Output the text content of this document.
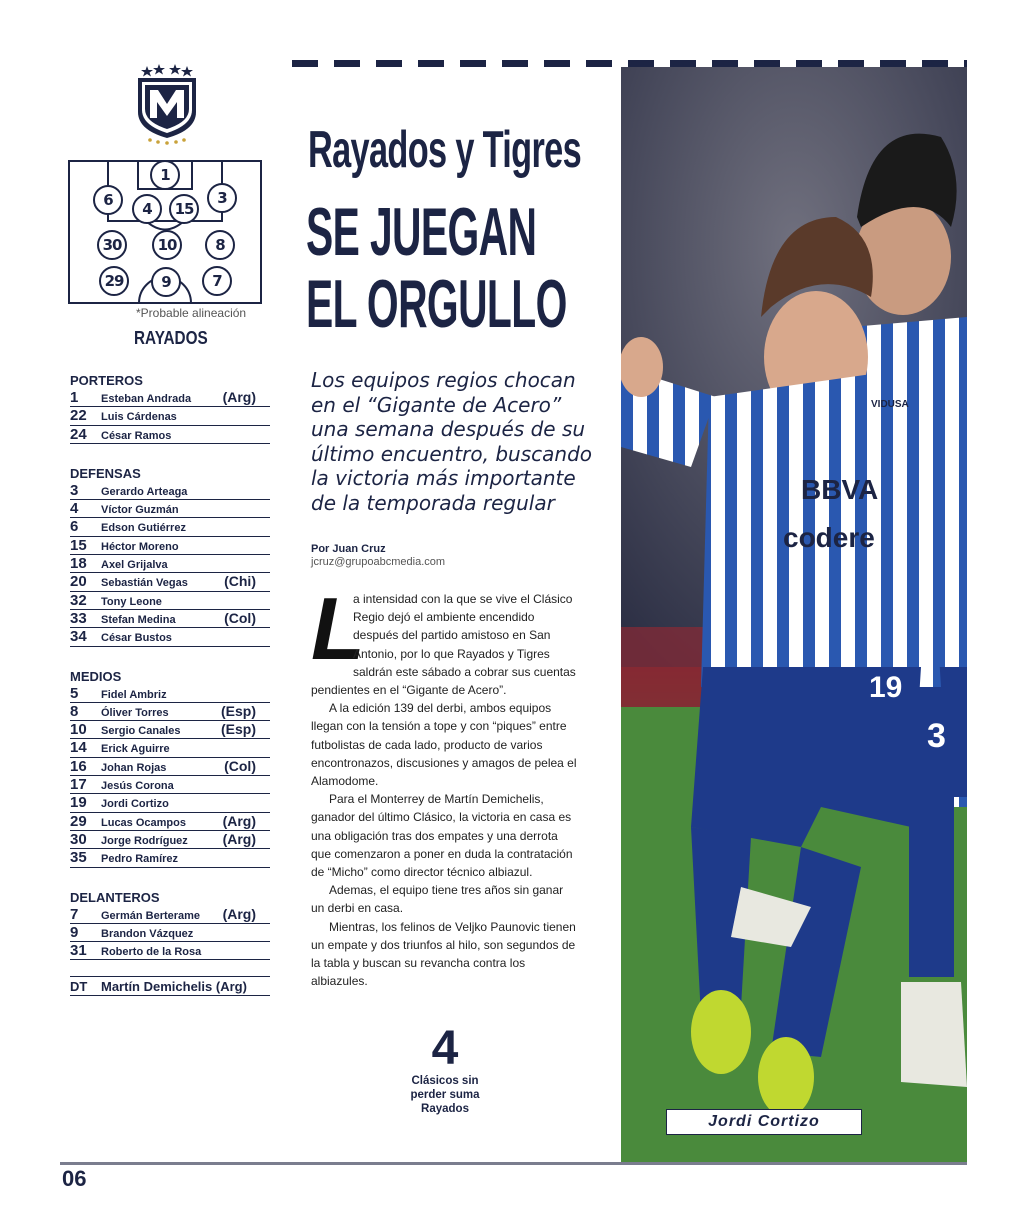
1
6	4	15
3
30	10	8
29	9	7
*Probable alineación
RAYADOS
PORTEROS
1	Esteban Andrada	(Arg)
22	Luis Cárdenas
24	César Ramos
DEFENSAS
3	Gerardo Arteaga
4	Víctor Guzmán
6	Edson Gutiérrez
15	Héctor Moreno
18	Axel Grijalva
20	Sebastián Vegas	(Chi)
32	Tony Leone
33	Stefan Medina	(Col)
34	César Bustos
MEDIOS
5	Fidel Ambriz
8	Óliver Torres	(Esp)
10	Sergio Canales	(Esp)
14	Erick Aguirre
16	Johan Rojas	(Col)
17	Jesús Corona
19	Jordi Cortizo
29	Lucas Ocampos	(Arg)
30	Jorge Rodríguez	(Arg)
35	Pedro Ramírez
DELANTEROS
7	Germán Berterame	(Arg)
9	Brandon Vázquez
31	Roberto de la Rosa
DT	Martín Demichelis (Arg)
Rayados y Tigres
SE JUEGAN
EL ORGULLO
Los equipos regios chocan en el “Gigante de Acero” una semana después de su último encuentro, buscando la victoria más importante de la temporada regular
Por Juan Cruz
jcruz@grupoabcmedia.com
L

a intensidad con la que se vive el Clásico Regio dejó el ambiente encendido después del partido amistoso en San Antonio, por lo que Rayados y Tigres saldrán este sábado a cobrar sus cuentas pendientes en el “Gigante de Acero”.

A la edición 139 del derbi, ambos equipos llegan con la tensión a tope y con “piques” entre futbolistas de cada lado, producto de varios encontronazos, discusiones y amagos de pelea el Alamodome.

Para el Monterrey de Martín Demichelis, ganador del último Clásico, la victoria en casa es una obligación tras dos empates y una derrota que comenzaron a poner en duda la contratación de “Micho” como director técnico albiazul.

Ademas, el equipo tiene tres años sin ganar un derbi en casa.

Mientras, los felinos de Veljko Paunovic tienen un empate y dos triunfos al hilo, son segundos de la tabla y buscan su revancha contra los albiazules.

4
Clásicos sin
perder suma
Rayados
BBVA
codere
VIDUSA
19
3
Jordi Cortizo
06
